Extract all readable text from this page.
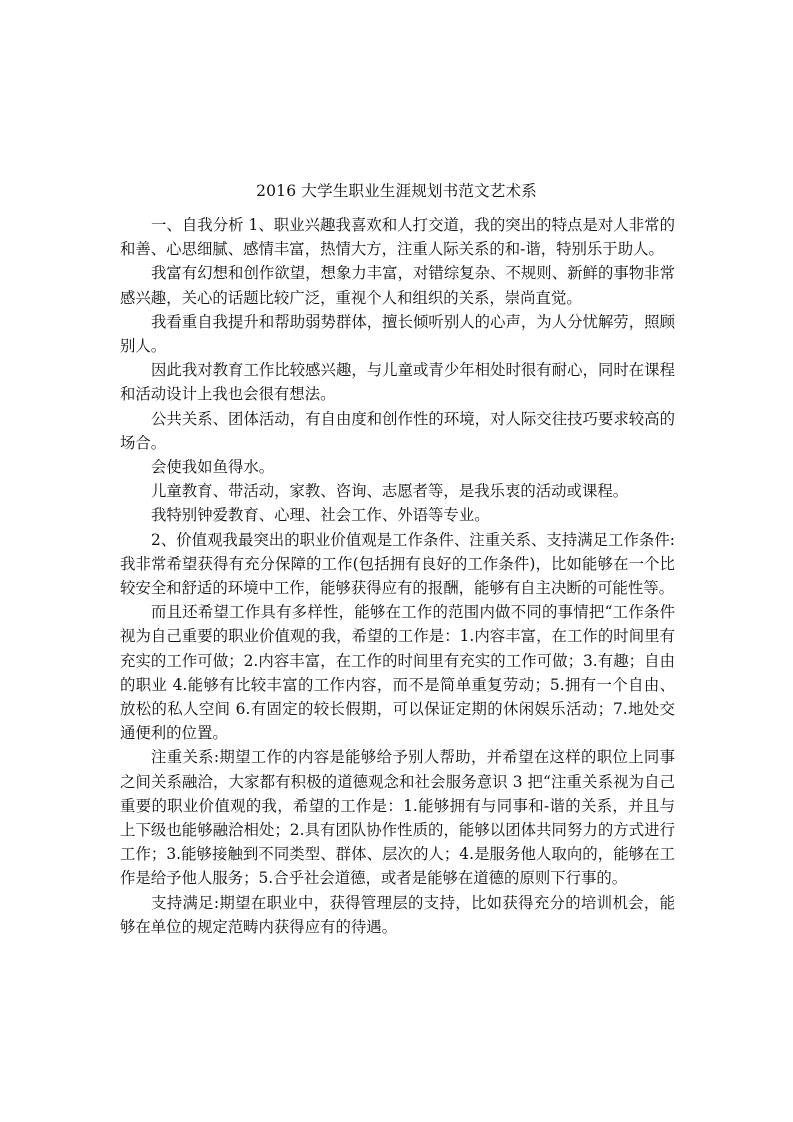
2016 大学生职业生涯规划书范文艺术系

一、自我分析 1、职业兴趣我喜欢和人打交道，我的突出的特点是对人非常的和善、心思细腻、感情丰富，热情大方，注重人际关系的和-谐，特别乐于助人。

我富有幻想和创作欲望，想象力丰富，对错综复杂、不规则、新鲜的事物非常感兴趣，关心的话题比较广泛，重视个人和组织的关系，崇尚直觉。

我看重自我提升和帮助弱势群体，擅长倾听别人的心声，为人分忧解劳，照顾别人。

因此我对教育工作比较感兴趣，与儿童或青少年相处时很有耐心，同时在课程和活动设计上我也会很有想法。

公共关系、团体活动，有自由度和创作性的环境，对人际交往技巧要求较高的场合。

会使我如鱼得水。

儿童教育、带活动，家教、咨询、志愿者等，是我乐衷的活动或课程。

我特别钟爱教育、心理、社会工作、外语等专业。

2、价值观我最突出的职业价值观是工作条件、注重关系、支持满足工作条件:我非常希望获得有充分保障的工作(包括拥有良好的工作条件)，比如能够在一个比较安全和舒适的环境中工作，能够获得应有的报酬，能够有自主决断的可能性等。

而且还希望工作具有多样性，能够在工作的范围内做不同的事情把“工作条件视为自己重要的职业价值观的我，希望的工作是：1.内容丰富，在工作的时间里有充实的工作可做；2.内容丰富，在工作的时间里有充实的工作可做；3.有趣；自由的职业 4.能够有比较丰富的工作内容，而不是简单重复劳动；5.拥有一个自由、放松的私人空间 6.有固定的较长假期，可以保证定期的休闲娱乐活动；7.地处交通便利的位置。

注重关系:期望工作的内容是能够给予别人帮助，并希望在这样的职位上同事之间关系融洽，大家都有积极的道德观念和社会服务意识 3 把“注重关系视为自己重要的职业价值观的我，希望的工作是：1.能够拥有与同事和-谐的关系，并且与上下级也能够融洽相处；2.具有团队协作性质的，能够以团体共同努力的方式进行工作；3.能够接触到不同类型、群体、层次的人；4.是服务他人取向的，能够在工作是给予他人服务；5.合乎社会道德，或者是能够在道德的原则下行事的。

支持满足:期望在职业中，获得管理层的支持，比如获得充分的培训机会，能够在单位的规定范畴内获得应有的待遇。
